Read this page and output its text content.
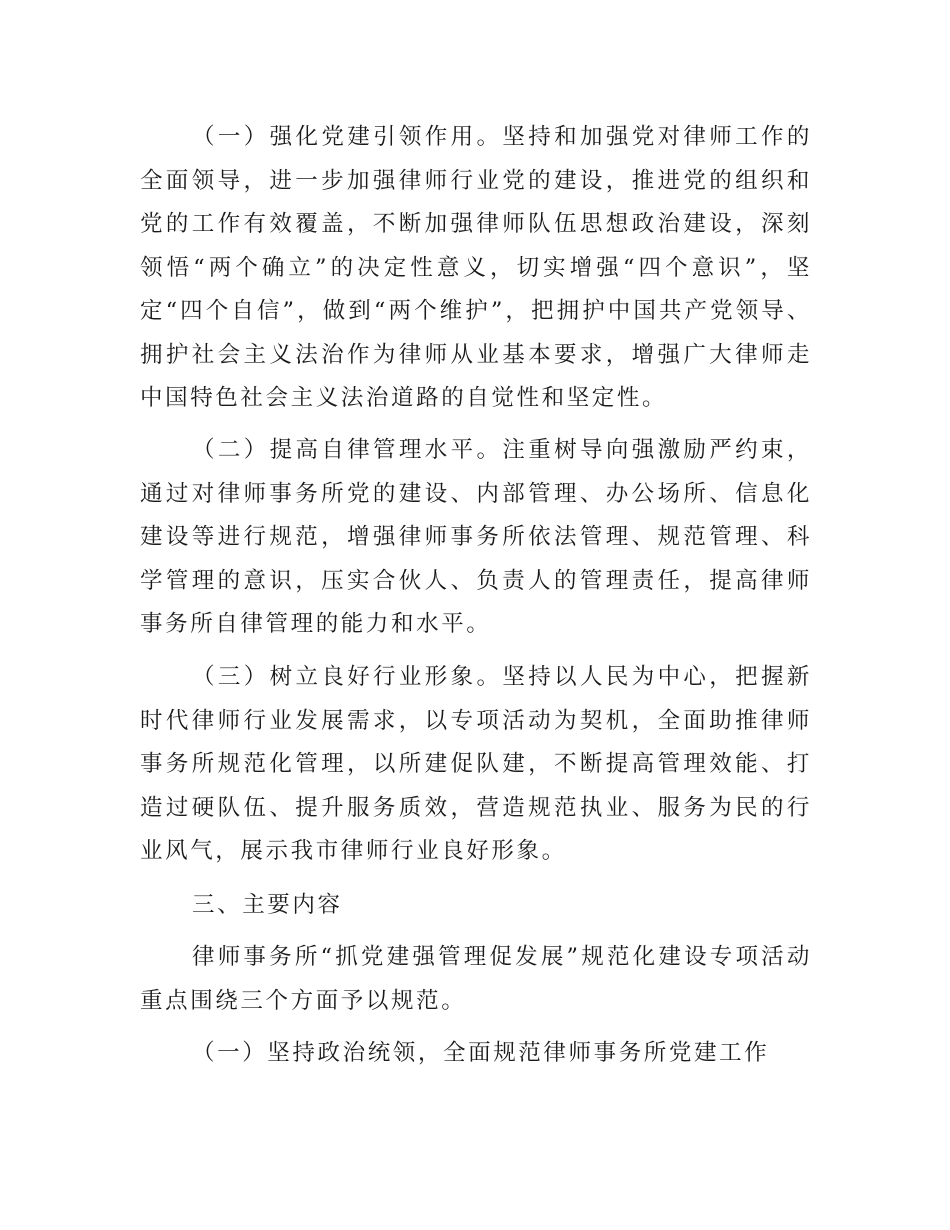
（一）强化党建引领作用。坚持和加强党对律师工作的全面领导，进一步加强律师行业党的建设，推进党的组织和党的工作有效覆盖，不断加强律师队伍思想政治建设，深刻领悟“两个确立”的决定性意义，切实增强“四个意识”，坚定“四个自信”，做到“两个维护”，把拥护中国共产党领导、拥护社会主义法治作为律师从业基本要求，增强广大律师走中国特色社会主义法治道路的自觉性和坚定性。

（二）提高自律管理水平。注重树导向强激励严约束，通过对律师事务所党的建设、内部管理、办公场所、信息化建设等进行规范，增强律师事务所依法管理、规范管理、科学管理的意识，压实合伙人、负责人的管理责任，提高律师事务所自律管理的能力和水平。

（三）树立良好行业形象。坚持以人民为中心，把握新时代律师行业发展需求，以专项活动为契机，全面助推律师事务所规范化管理，以所建促队建，不断提高管理效能、打造过硬队伍、提升服务质效，营造规范执业、服务为民的行业风气，展示我市律师行业良好形象。

三、主要内容

律师事务所“抓党建强管理促发展”规范化建设专项活动重点围绕三个方面予以规范。

（一）坚持政治统领，全面规范律师事务所党建工作
